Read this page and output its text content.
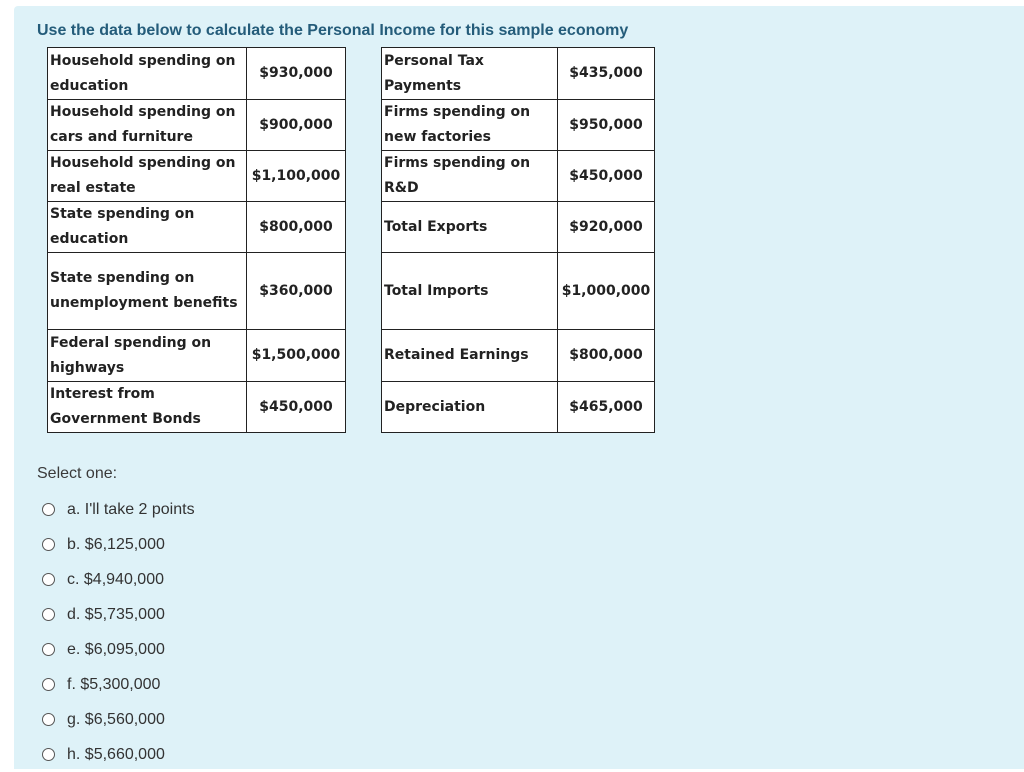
Use the data below to calculate the Personal Income for this sample economy
Household spending on education	$930,000
Household spending on cars and furniture	$900,000
Household spending on real estate	$1,100,000
State spending on education	$800,000
State spending on unemployment benefits	$360,000
Federal spending on highways	$1,500,000
Interest from Government Bonds	$450,000
Personal Tax Payments	$435,000
Firms spending on new factories	$950,000
Firms spending on R&D	$450,000
Total Exports	$920,000
Total Imports	$1,000,000
Retained Earnings	$800,000
Depreciation	$465,000
Select one:
a.
I'll take 2 points
b.
$6,125,000
c.
$4,940,000
d.
$5,735,000
e.
$6,095,000
f.
$5,300,000
g.
$6,560,000
h.
$5,660,000
